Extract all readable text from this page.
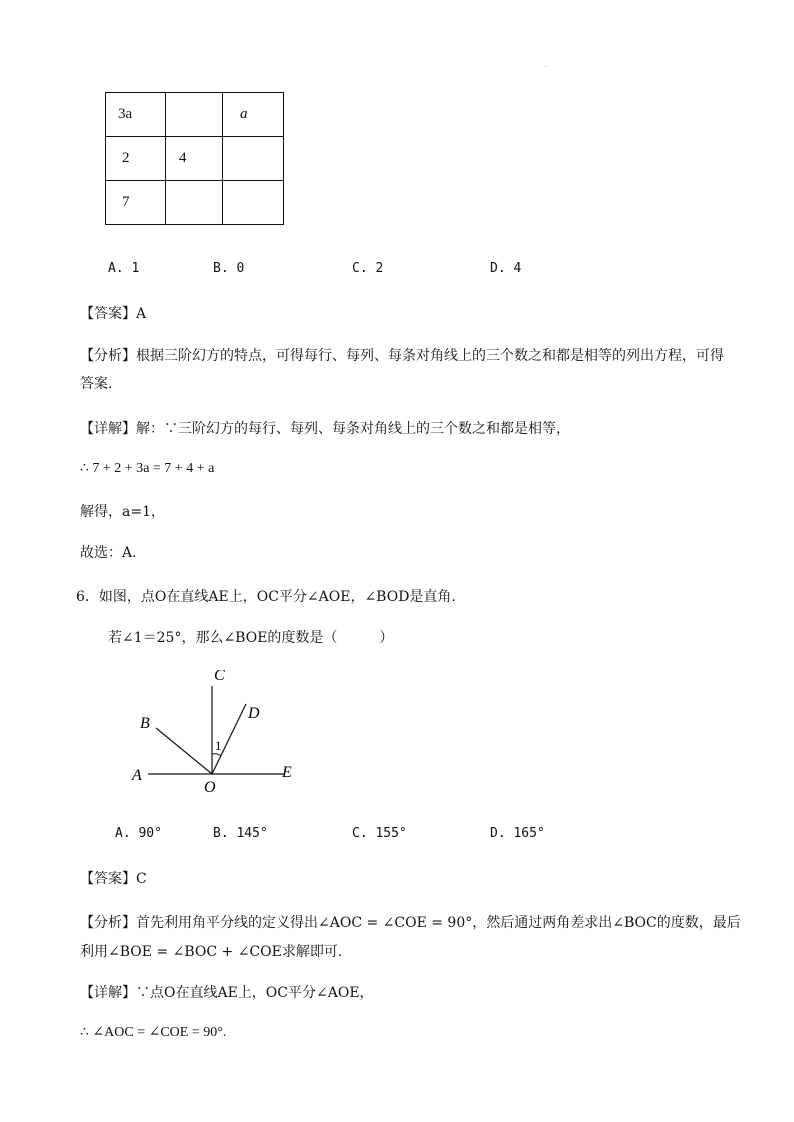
3a		a
2	4	
7		
A. 1	B. 0	C. 2	D. 4
【答案】A
【分析】根据三阶幻方的特点，可得每行、每列、每条对角线上的三个数之和都是相等的列出方程，可得
答案.
【详解】解：∵三阶幻方的每行、每列、每条对角线上的三个数之和都是相等，
∴ 7 + 2 + 3a = 7 + 4 + a
解得，a=1，
故选：A.
6．如图，点O在直线AE上，OC平分∠AOE，∠BOD是直角.
若∠1＝25°，那么∠BOE的度数是（　　　）
C
B
D
A	E
O
1
A. 90°	B. 145°	C. 155°	D. 165°
【答案】C
【分析】首先利用角平分线的定义得出∠AOC = ∠COE = 90°，然后通过两角差求出∠BOC的度数，最后
利用∠BOE = ∠BOC + ∠COE求解即可.
【详解】∵点O在直线AE上，OC平分∠AOE，
∴ ∠AOC = ∠COE = 90°.
